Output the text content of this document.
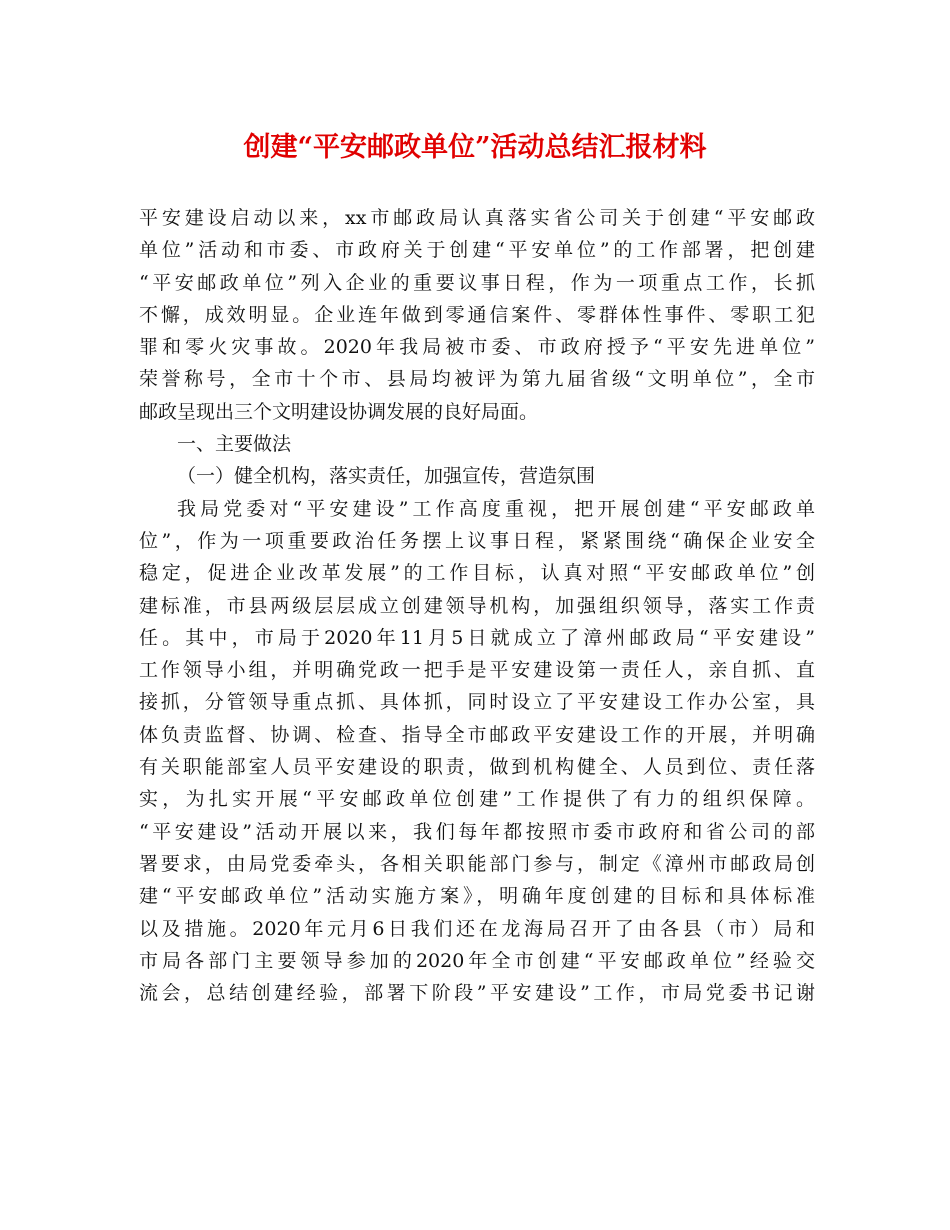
创建“平安邮政单位”活动总结汇报材料
平安建设启动以来，xx市邮政局认真落实省公司关于创建“平安邮政
单位”活动和市委、市政府关于创建“平安单位”的工作部署，把创建
“平安邮政单位”列入企业的重要议事日程，作为一项重点工作，长抓
不懈，成效明显。企业连年做到零通信案件、零群体性事件、零职工犯
罪和零火灾事故。2020年我局被市委、市政府授予“平安先进单位”
荣誉称号，全市十个市、县局均被评为第九届省级“文明单位”，全市
邮政呈现出三个文明建设协调发展的良好局面。
一、主要做法
（一）健全机构，落实责任，加强宣传，营造氛围
我局党委对“平安建设”工作高度重视，把开展创建“平安邮政单
位”，作为一项重要政治任务摆上议事日程，紧紧围绕“确保企业安全
稳定，促进企业改革发展”的工作目标，认真对照“平安邮政单位”创
建标准，市县两级层层成立创建领导机构，加强组织领导，落实工作责
任。其中，市局于2020年11月5日就成立了漳州邮政局“平安建设”
工作领导小组，并明确党政一把手是平安建设第一责任人，亲自抓、直
接抓，分管领导重点抓、具体抓，同时设立了平安建设工作办公室，具
体负责监督、协调、检查、指导全市邮政平安建设工作的开展，并明确
有关职能部室人员平安建设的职责，做到机构健全、人员到位、责任落
实，为扎实开展“平安邮政单位创建”工作提供了有力的组织保障。
“平安建设”活动开展以来，我们每年都按照市委市政府和省公司的部
署要求，由局党委牵头，各相关职能部门参与，制定《漳州市邮政局创
建“平安邮政单位”活动实施方案》，明确年度创建的目标和具体标准
以及措施。2020年元月6日我们还在龙海局召开了由各县（市）局和
市局各部门主要领导参加的2020年全市创建“平安邮政单位”经验交
流会，总结创建经验，部署下阶段”平安建设”工作，市局党委书记谢
